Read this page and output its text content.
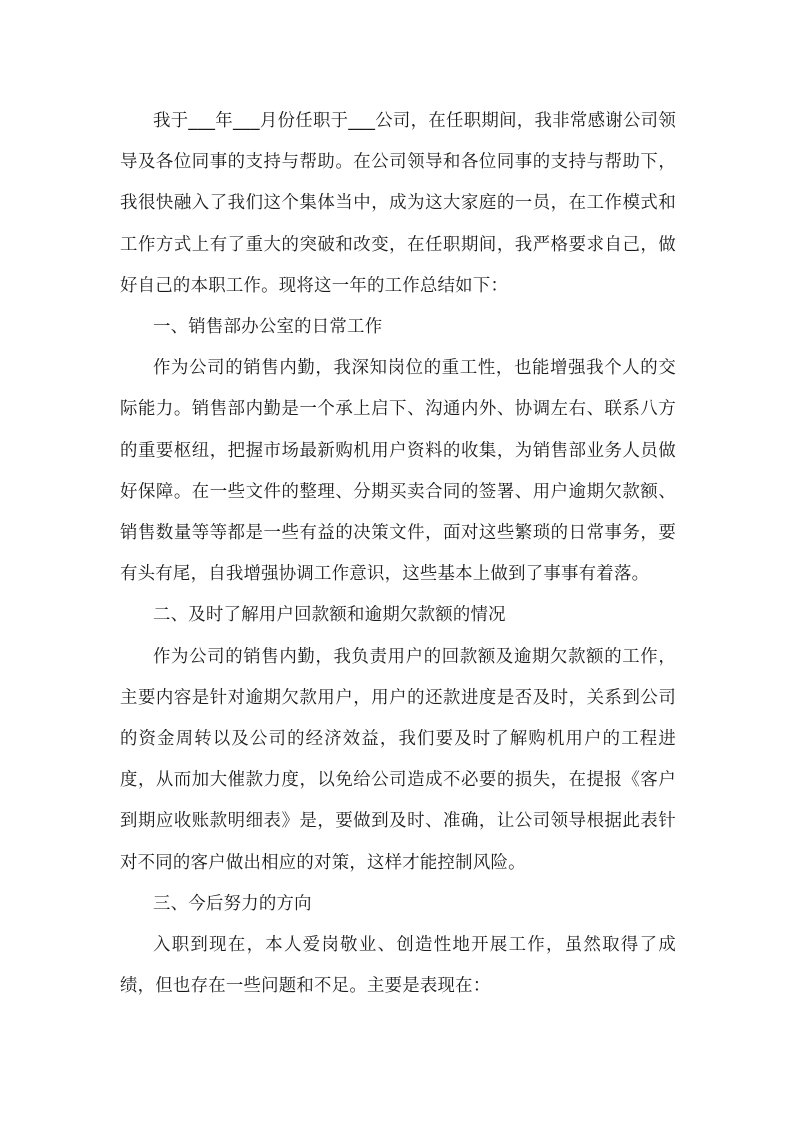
我于___年___月份任职于___公司，在任职期间，我非常感谢公司领导及各位同事的支持与帮助。在公司领导和各位同事的支持与帮助下，我很快融入了我们这个集体当中，成为这大家庭的一员，在工作模式和工作方式上有了重大的突破和改变，在任职期间，我严格要求自己，做好自己的本职工作。现将这一年的工作总结如下：

一、销售部办公室的日常工作

作为公司的销售内勤，我深知岗位的重工性，也能增强我个人的交际能力。销售部内勤是一个承上启下、沟通内外、协调左右、联系八方的重要枢纽，把握市场最新购机用户资料的收集，为销售部业务人员做好保障。在一些文件的整理、分期买卖合同的签署、用户逾期欠款额、销售数量等等都是一些有益的决策文件，面对这些繁琐的日常事务，要有头有尾，自我增强协调工作意识，这些基本上做到了事事有着落。

二、及时了解用户回款额和逾期欠款额的情况

作为公司的销售内勤，我负责用户的回款额及逾期欠款额的工作，主要内容是针对逾期欠款用户，用户的还款进度是否及时，关系到公司的资金周转以及公司的经济效益，我们要及时了解购机用户的工程进度，从而加大催款力度，以免给公司造成不必要的损失，在提报《客户到期应收账款明细表》是，要做到及时、准确，让公司领导根据此表针对不同的客户做出相应的对策，这样才能控制风险。

三、今后努力的方向

入职到现在，本人爱岗敬业、创造性地开展工作，虽然取得了成绩，但也存在一些问题和不足。主要是表现在：
